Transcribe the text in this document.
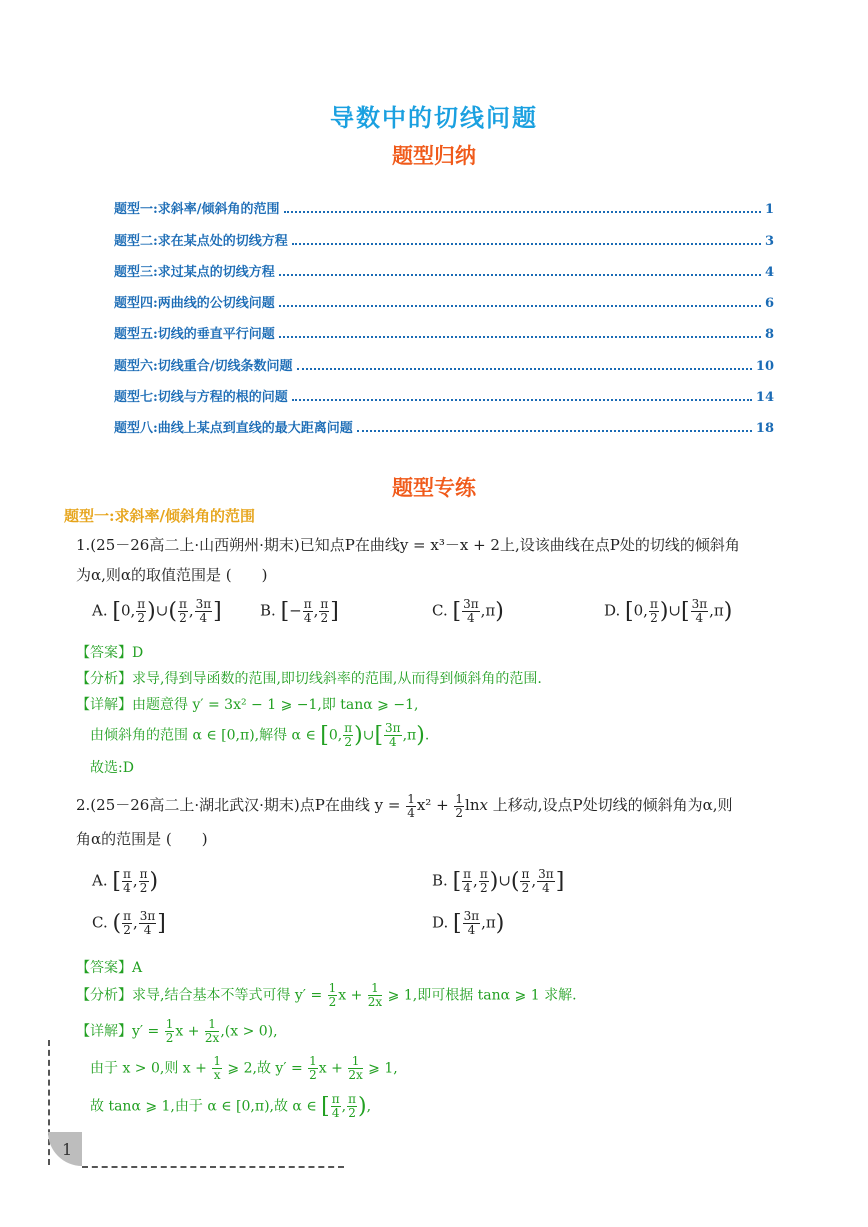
导数中的切线问题
题型归纳
题型一:求斜率/倾斜角的范围	1
题型二:求在某点处的切线方程	3
题型三:求过某点的切线方程	4
题型四:两曲线的公切线问题	6
题型五:切线的垂直平行问题	8
题型六:切线重合/切线条数问题	10
题型七:切线与方程的根的问题	14
题型八:曲线上某点到直线的最大距离问题	18
题型专练
题型一:求斜率/倾斜角的范围
1.(25－26高二上·山西朔州·期末)已知点P在曲线y = x³－x + 2上,设该曲线在点P处的切线的倾斜角
为α,则α的取值范围是 (　　)
A. [0, $\frac{\pi}{2}$ )∪( $\frac{\pi}{2}$ , $\frac{3\pi}{4}$ ]	B. [− $\frac{\pi}{4}$ , $\frac{\pi}{2}$ ]	C. [ $\frac{3\pi}{4} ,\pi$)	D. [0, $\frac{\pi}{2}$ )∪[ $\frac{3\pi}{4} ,\pi$)
【答案】D
【分析】求导,得到导函数的范围,即切线斜率的范围,从而得到倾斜角的范围.
【详解】由题意得 y′ = 3x² − 1 ⩾ −1,即 tanα ⩾ −1,
由倾斜角的范围 α ∈ [0,π),解得 α ∈ [0, $\frac{\pi}{2}$ )∪[ $\frac{3\pi}{4} ,\pi$).
故选:D
2.(25－26高二上·湖北武汉·期末)点P在曲线 $y = \frac{1}{4} x^2 + \frac{1}{2}$ lnx 上移动,设点P处切线的倾斜角为α,则
角α的范围是 (　　)
A. [ $\frac{\pi}{4}$ , $\frac{\pi}{2}$ )	B. [ $\frac{\pi}{4}$ , $\frac{\pi}{2}$ )∪( $\frac{\pi}{2}$ , $\frac{3\pi}{4}$ ]
C. ( $\frac{\pi}{2}$ , $\frac{3\pi}{4}$ ]	D. [ $\frac{3\pi}{4} ,\pi$)
【答案】A
【分析】求导,结合基本不等式可得 $y' = \frac{1}{2}$ $x + \frac{1}{2x}$ ⩾ 1,即可根据 tanα ⩾ 1 求解.
【详解】$y' = \frac{1}{2}$ $x + \frac{1}{2x} ,(x > 0)$,
由于 x > 0,则 $x + \frac{1}{x}$ ⩾ 2,故 $y' = \frac{1}{2}$ $x + \frac{1}{2x}$ ⩾ 1,
故 tanα ⩾ 1,由于 α ∈ [0,π),故 α ∈ [ $\frac{\pi}{4}$ , $\frac{\pi}{2}$ ),
1
